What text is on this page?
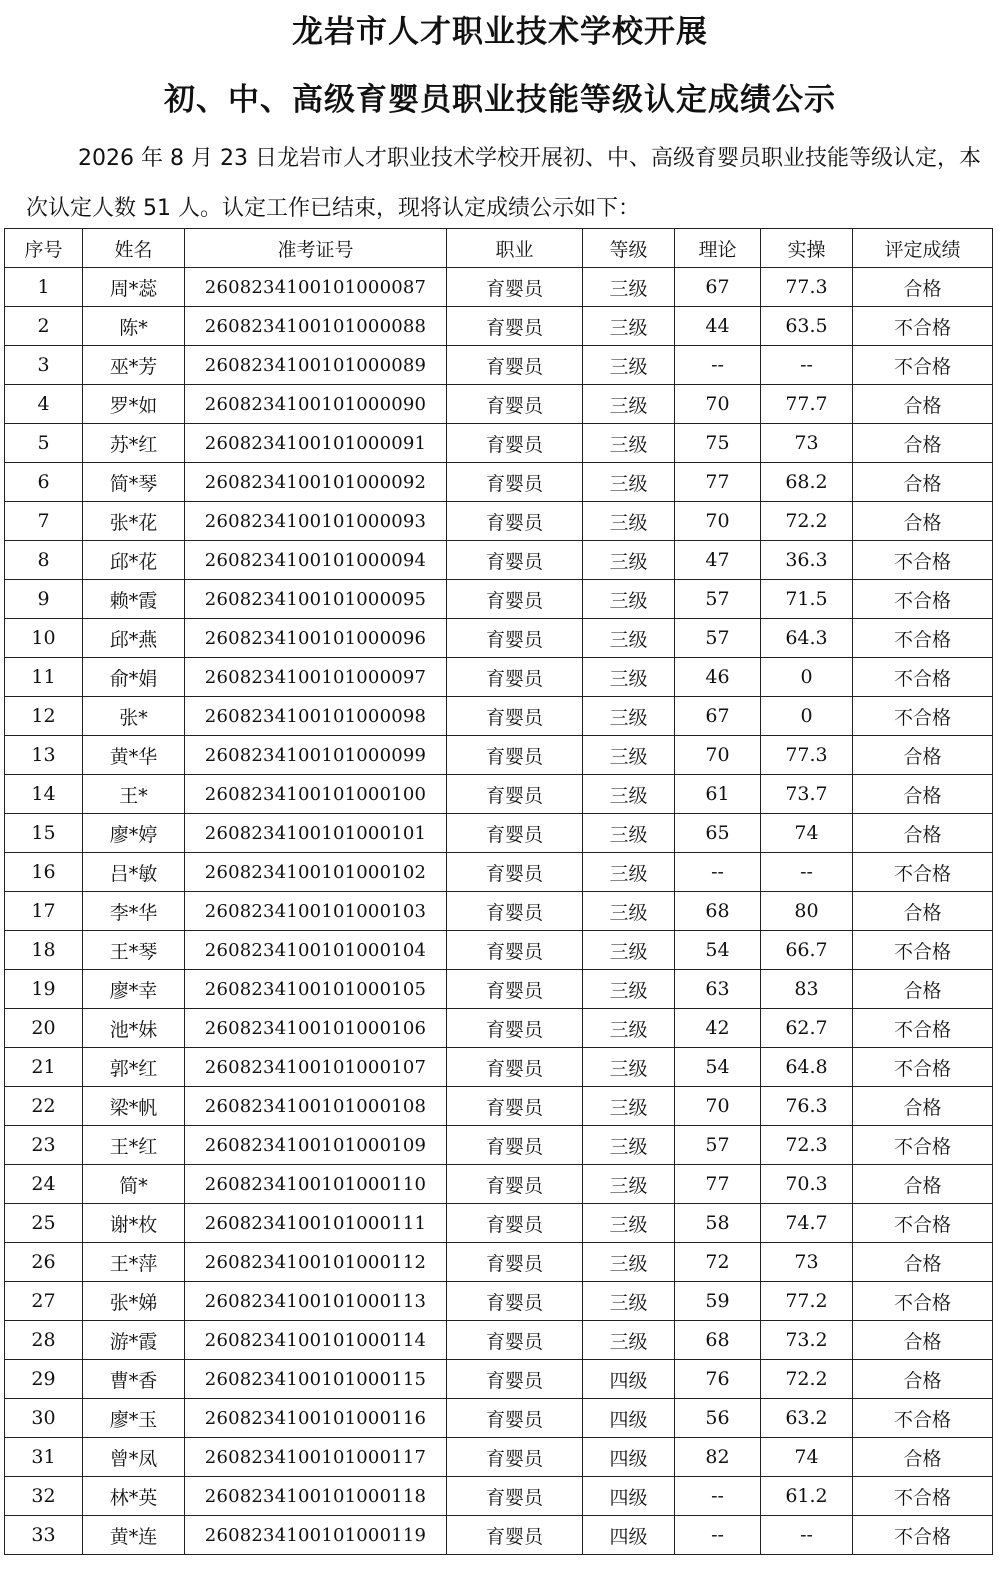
龙岩市人才职业技术学校开展
初、中、高级育婴员职业技能等级认定成绩公示

2026 年 8 月 23 日龙岩市人才职业技术学校开展初、中、高级育婴员职业技能等级认定，本次认定人数 51 人。认定工作已结束，现将认定成绩公示如下：

序号	姓名	准考证号	职业	等级	理论	实操	评定成绩
1	周*蕊	2608234100101000087	育婴员	三级	67	77.3	合格
2	陈*	2608234100101000088	育婴员	三级	44	63.5	不合格
3	巫*芳	2608234100101000089	育婴员	三级	--	--	不合格
4	罗*如	2608234100101000090	育婴员	三级	70	77.7	合格
5	苏*红	2608234100101000091	育婴员	三级	75	73	合格
6	简*琴	2608234100101000092	育婴员	三级	77	68.2	合格
7	张*花	2608234100101000093	育婴员	三级	70	72.2	合格
8	邱*花	2608234100101000094	育婴员	三级	47	36.3	不合格
9	赖*霞	2608234100101000095	育婴员	三级	57	71.5	不合格
10	邱*燕	2608234100101000096	育婴员	三级	57	64.3	不合格
11	俞*娟	2608234100101000097	育婴员	三级	46	0	不合格
12	张*	2608234100101000098	育婴员	三级	67	0	不合格
13	黄*华	2608234100101000099	育婴员	三级	70	77.3	合格
14	王*	2608234100101000100	育婴员	三级	61	73.7	合格
15	廖*婷	2608234100101000101	育婴员	三级	65	74	合格
16	吕*敏	2608234100101000102	育婴员	三级	--	--	不合格
17	李*华	2608234100101000103	育婴员	三级	68	80	合格
18	王*琴	2608234100101000104	育婴员	三级	54	66.7	不合格
19	廖*幸	2608234100101000105	育婴员	三级	63	83	合格
20	池*妹	2608234100101000106	育婴员	三级	42	62.7	不合格
21	郭*红	2608234100101000107	育婴员	三级	54	64.8	不合格
22	梁*帆	2608234100101000108	育婴员	三级	70	76.3	合格
23	王*红	2608234100101000109	育婴员	三级	57	72.3	不合格
24	简*	2608234100101000110	育婴员	三级	77	70.3	合格
25	谢*枚	2608234100101000111	育婴员	三级	58	74.7	不合格
26	王*萍	2608234100101000112	育婴员	三级	72	73	合格
27	张*娣	2608234100101000113	育婴员	三级	59	77.2	不合格
28	游*霞	2608234100101000114	育婴员	三级	68	73.2	合格
29	曹*香	2608234100101000115	育婴员	四级	76	72.2	合格
30	廖*玉	2608234100101000116	育婴员	四级	56	63.2	不合格
31	曾*凤	2608234100101000117	育婴员	四级	82	74	合格
32	林*英	2608234100101000118	育婴员	四级	--	61.2	不合格
33	黄*连	2608234100101000119	育婴员	四级	--	--	不合格
